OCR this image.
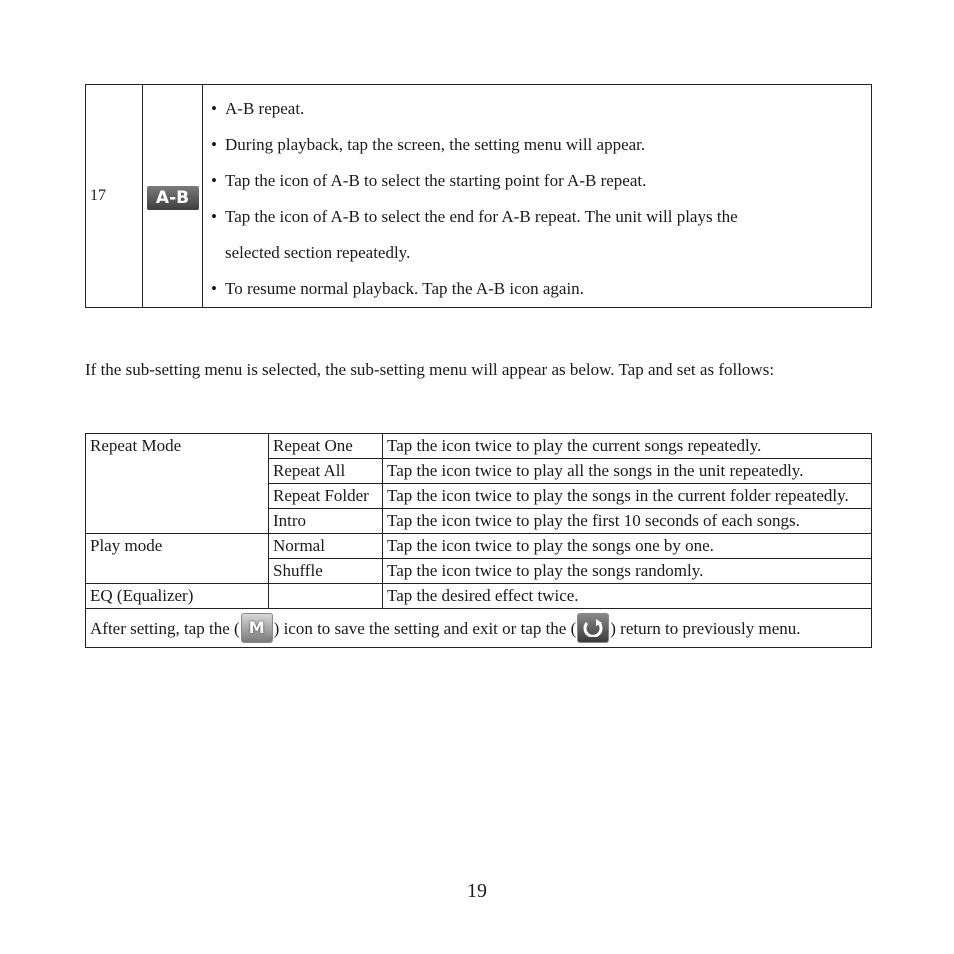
17	A-B	
• A-B repeat.
• During playback, tap the screen, the setting menu will appear.
• Tap the icon of A-B to select the starting point for A-B repeat.
• Tap the icon of A-B to select the end for A-B repeat. The unit will plays the
selected section repeatedly.
• To resume normal playback. Tap the A-B icon again.

If the sub-setting menu is selected, the sub-setting menu will appear as below. Tap and set as follows:

Repeat Mode	Repeat One	Tap the icon twice to play the current songs repeatedly.
	Repeat All	Tap the icon twice to play all the songs in the unit repeatedly.
	Repeat Folder	Tap the icon twice to play the songs in the current folder repeatedly.
	Intro	Tap the icon twice to play the first 10 seconds of each songs.
Play mode	Normal	Tap the icon twice to play the songs one by one.
	Shuffle	Tap the icon twice to play the songs randomly.
EQ (Equalizer)		Tap the desired effect twice.
After setting, tap the ( M ) icon to save the setting and exit or tap the ( ) return to previously menu.		
19
